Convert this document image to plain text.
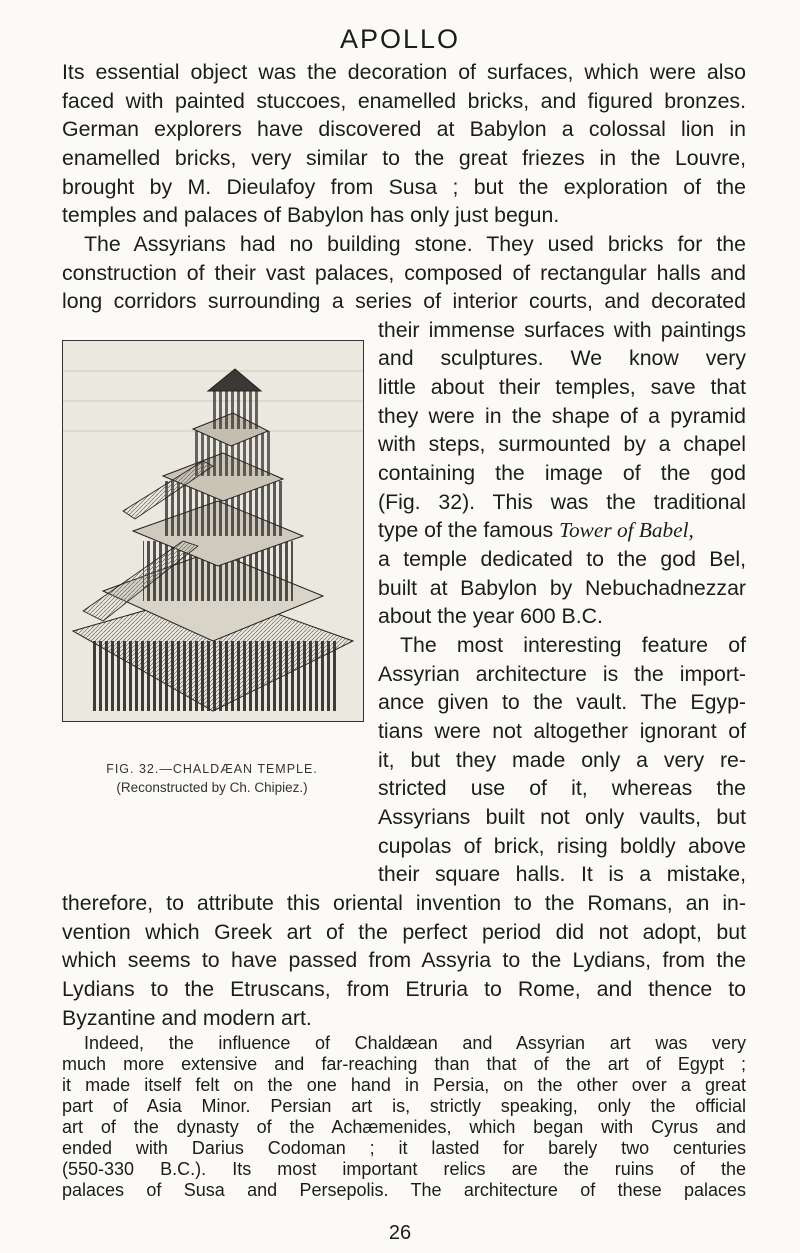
APOLLO
Its essential object was the decoration of surfaces, which were also
faced with painted stuccoes, enamelled bricks, and figured bronzes.
German explorers have discovered at Babylon a colossal lion in
enamelled bricks, very similar to the great friezes in the Louvre,
brought by M. Dieulafoy from Susa ; but the exploration of the
temples and palaces of Babylon has only just begun.
The Assyrians had no building stone. They used bricks for the
construction of their vast palaces, composed of rectangular halls and
long corridors surrounding a series of interior courts, and decorated
FIG. 32.—CHALDÆAN TEMPLE.
(Reconstructed by Ch. Chipiez.)
their immense surfaces with paintings
and sculptures. We know very
little about their temples, save that
they were in the shape of a pyramid
with steps, surmounted by a chapel
containing the image of the god
(Fig. 32). This was the traditional
type of the famous Tower of Babel,
a temple dedicated to the god Bel,
built at Babylon by Nebuchadnezzar
about the year 600 B.C.
The most interesting feature of
Assyrian architecture is the import-
ance given to the vault. The Egyp-
tians were not altogether ignorant of
it, but they made only a very re-
stricted use of it, whereas the
Assyrians built not only vaults, but
cupolas of brick, rising boldly above
their square halls. It is a mistake,
therefore, to attribute this oriental invention to the Romans, an in-
vention which Greek art of the perfect period did not adopt, but
which seems to have passed from Assyria to the Lydians, from the
Lydians to the Etruscans, from Etruria to Rome, and thence to
Byzantine and modern art.
Indeed, the influence of Chaldæan and Assyrian art was very
much more extensive and far-reaching than that of the art of Egypt ;
it made itself felt on the one hand in Persia, on the other over a great
part of Asia Minor. Persian art is, strictly speaking, only the official
art of the dynasty of the Achæmenides, which began with Cyrus and
ended with Darius Codoman ; it lasted for barely two centuries
(550-330 B.C.). Its most important relics are the ruins of the
palaces of Susa and Persepolis. The architecture of these palaces
26
